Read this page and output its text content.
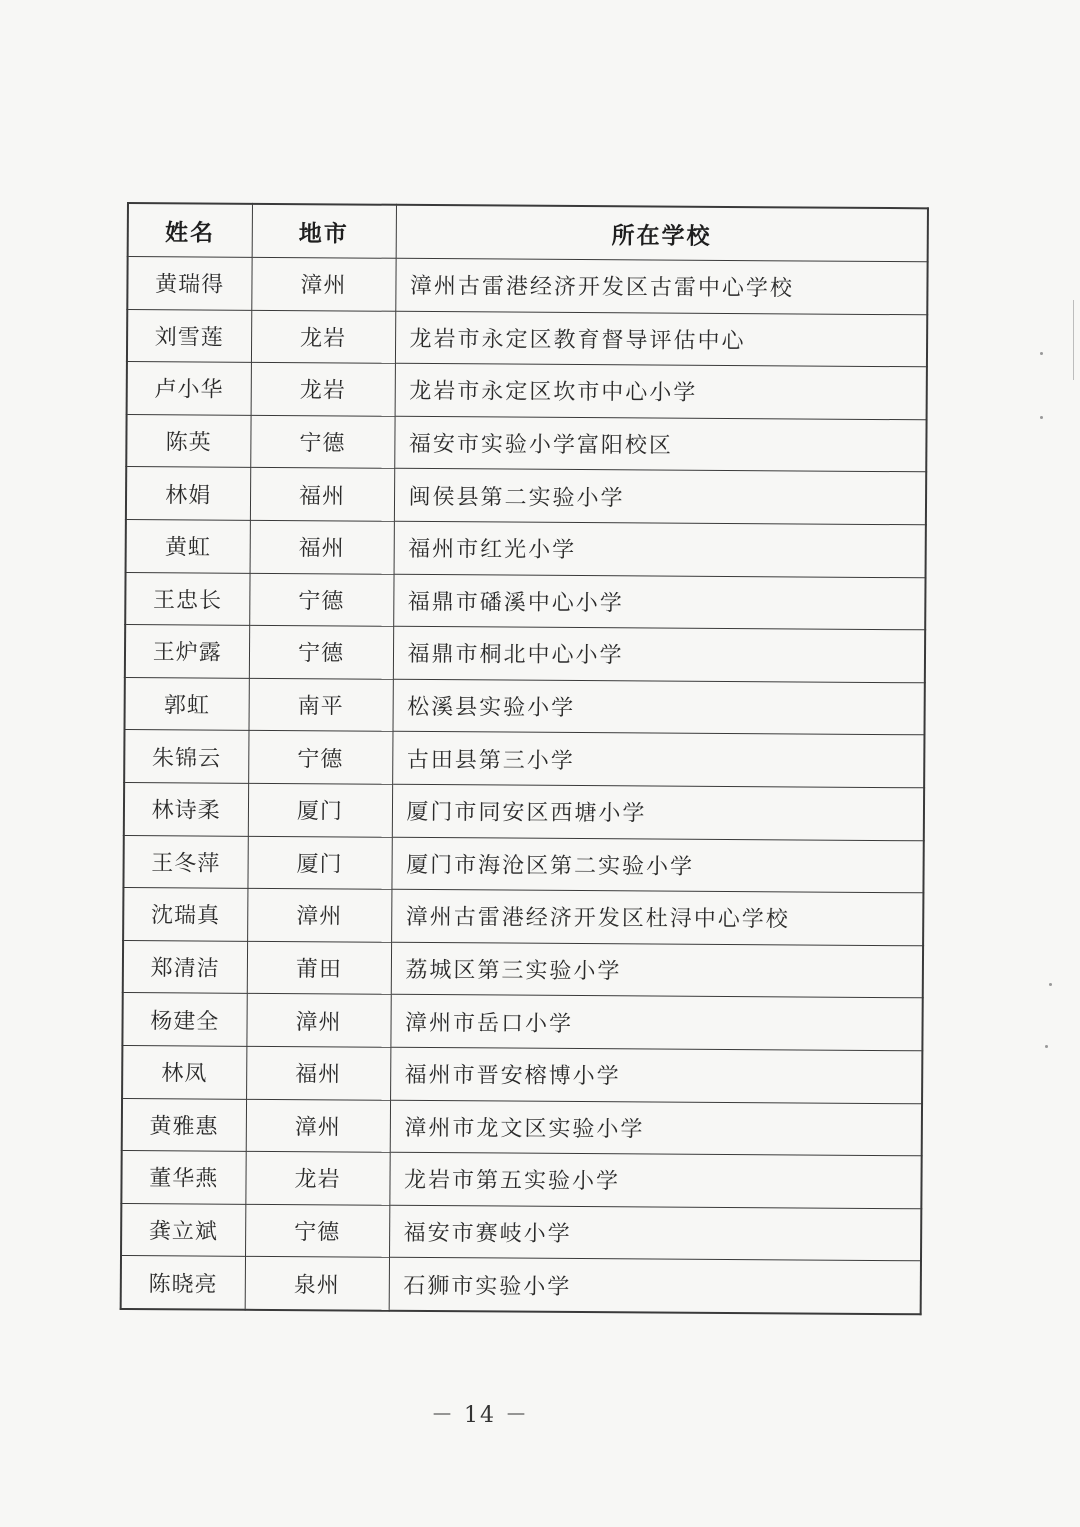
姓名	地市	所在学校
黄瑞得	漳州	漳州古雷港经济开发区古雷中心学校
刘雪莲	龙岩	龙岩市永定区教育督导评估中心
卢小华	龙岩	龙岩市永定区坎市中心小学
陈英	宁德	福安市实验小学富阳校区
林娟	福州	闽侯县第二实验小学
黄虹	福州	福州市红光小学
王忠长	宁德	福鼎市磻溪中心小学
王炉露	宁德	福鼎市桐北中心小学
郭虹	南平	松溪县实验小学
朱锦云	宁德	古田县第三小学
林诗柔	厦门	厦门市同安区西塘小学
王冬萍	厦门	厦门市海沧区第二实验小学
沈瑞真	漳州	漳州古雷港经济开发区杜浔中心学校
郑清洁	莆田	荔城区第三实验小学
杨建全	漳州	漳州市岳口小学
林凤	福州	福州市晋安榕博小学
黄雅惠	漳州	漳州市龙文区实验小学
董华燕	龙岩	龙岩市第五实验小学
龚立斌	宁德	福安市赛岐小学
陈晓亮	泉州	石狮市实验小学
－ 14 －
